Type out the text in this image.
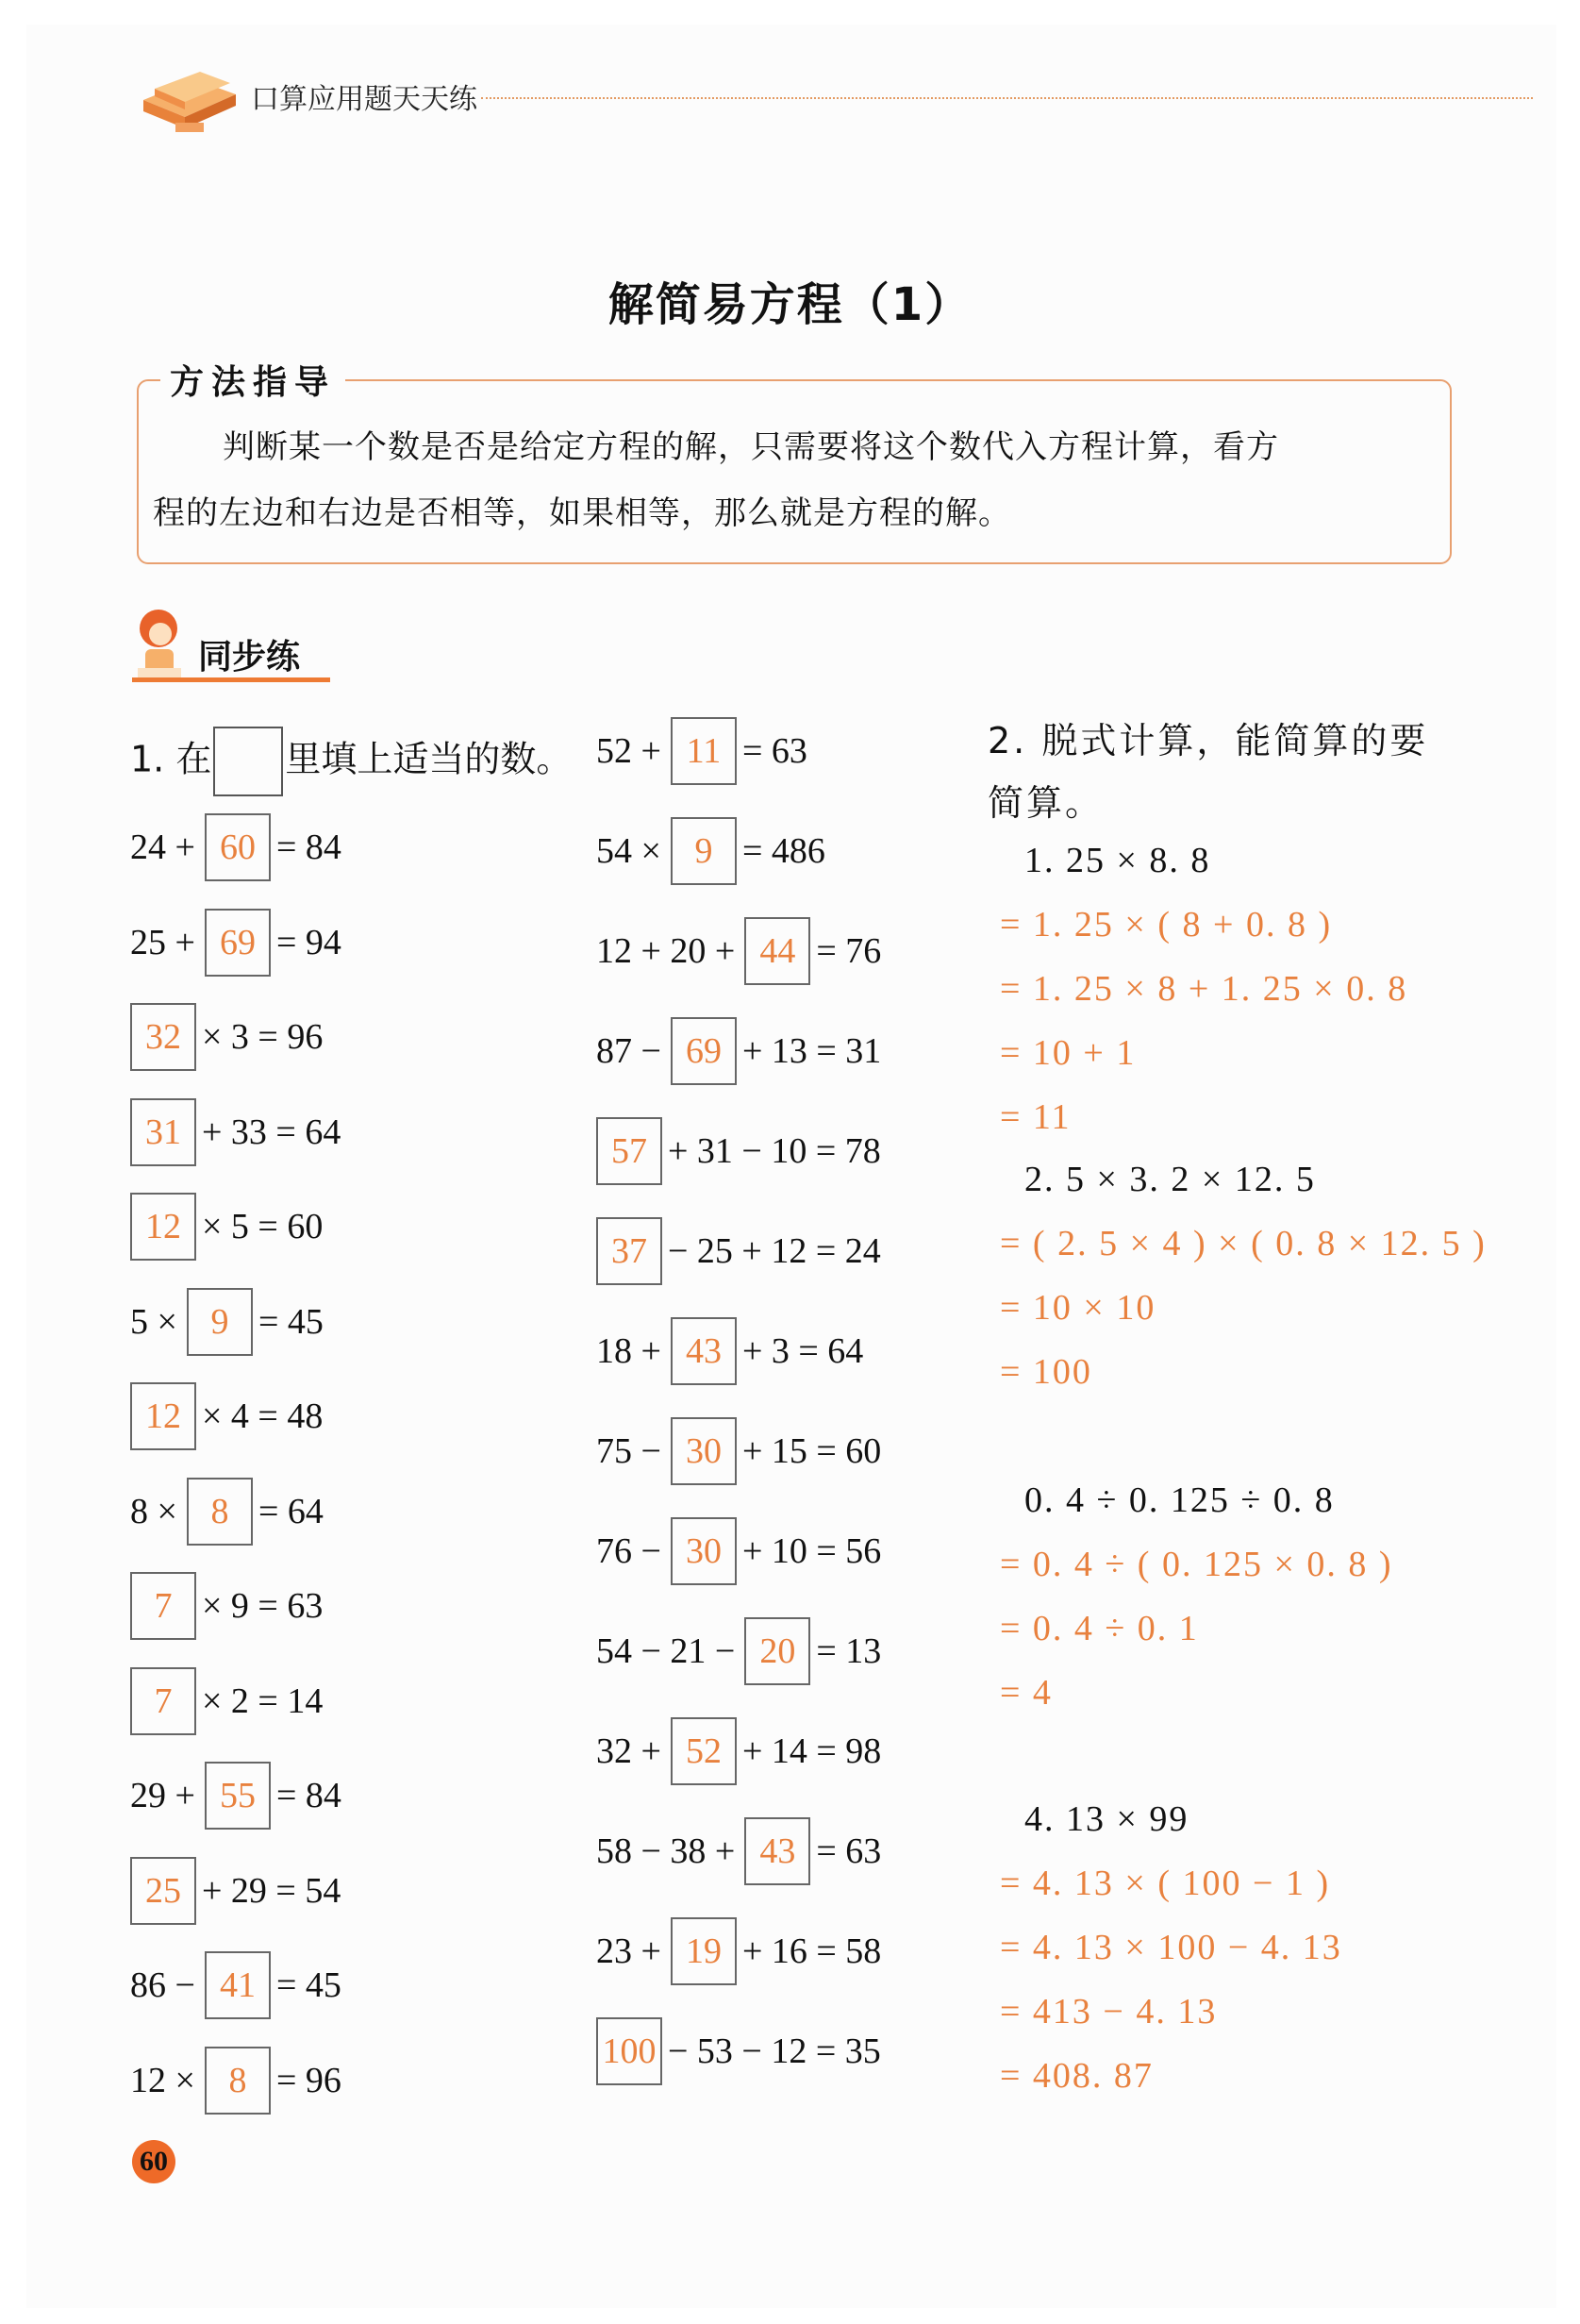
口算应用题天天练
解简易方程（1）
方法指导
判断某一个数是否是给定方程的解，只需要将这个数代入方程计算，看方
程的左边和右边是否相等，如果相等，那么就是方程的解。
同步练
1. 在 里填上适当的数。
24 + 60 = 84
25 + 69 = 94
32 × 3 = 96
31 + 33 = 64
12 × 5 = 60
5 × 9 = 45
12 × 4 = 48
8 × 8 = 64
7 × 9 = 63
7 × 2 = 14
29 + 55 = 84
25 + 29 = 54
86 − 41 = 45
12 × 8 = 96
52 + 11 = 63
54 × 9 = 486
12 + 20 + 44 = 76
87 − 69 + 13 = 31
57 + 31 − 10 = 78
37 − 25 + 12 = 24
18 + 43 + 3 = 64
75 − 30 + 15 = 60
76 − 30 + 10 = 56
54 − 21 − 20 = 13
32 + 52 + 14 = 98
58 − 38 + 43 = 63
23 + 19 + 16 = 58
100 − 53 − 12 = 35
2. 脱式计算，能简算的要
简算。
1. 25 × 8. 8
= 1. 25 × ( 8 + 0. 8 )
= 1. 25 × 8 + 1. 25 × 0. 8
= 10 + 1
= 11
2. 5 × 3. 2 × 12. 5
= ( 2. 5 × 4 ) × ( 0. 8 × 12. 5 )
= 10 × 10
= 100
0. 4 ÷ 0. 125 ÷ 0. 8
= 0. 4 ÷ ( 0. 125 × 0. 8 )
= 0. 4 ÷ 0. 1
= 4
4. 13 × 99
= 4. 13 × ( 100 − 1 )
= 4. 13 × 100 − 4. 13
= 413 − 4. 13
= 408. 87
60
